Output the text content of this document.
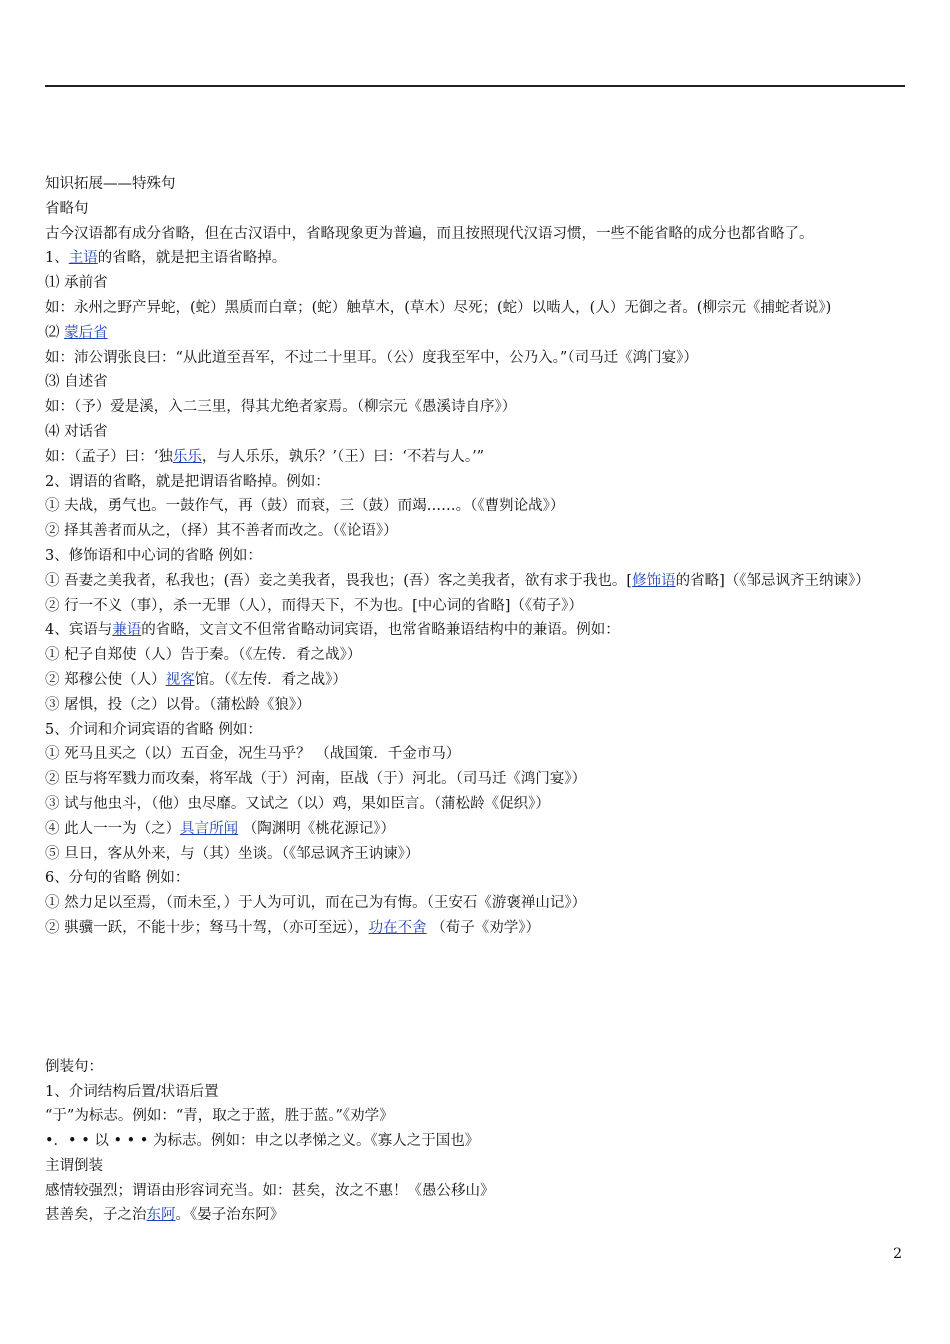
知识拓展——特殊句
省略句
古今汉语都有成分省略，但在古汉语中，省略现象更为普遍，而且按照现代汉语习惯，一些不能省略的成分也都省略了。
1、主语的省略，就是把主语省略掉。
⑴ 承前省
如：永州之野产异蛇，(蛇）黑质而白章；(蛇）触草木，(草木）尽死；(蛇）以啮人，(人）无御之者。(柳宗元《捕蛇者说》)
⑵ 蒙后省
如：沛公谓张良曰：“从此道至吾军，不过二十里耳。（公）度我至军中，公乃入。”（司马迁《鸿门宴》）
⑶ 自述省
如：（予）爱是溪，入二三里，得其尤绝者家焉。（柳宗元《愚溪诗自序》）
⑷ 对话省
如：（孟子）曰：‘独乐乐，与人乐乐，孰乐？’（王）曰：‘不若与人。’”
2、谓语的省略，就是把谓语省略掉。例如：
① 夫战，勇气也。一鼓作气，再（鼓）而衰，三（鼓）而竭……。（《曹刿论战》）
② 择其善者而从之，（择）其不善者而改之。（《论语》）
3、修饰语和中心词的省略 例如：
① 吾妻之美我者，私我也；(吾）妾之美我者，畏我也；(吾）客之美我者，欲有求于我也。[修饰语的省略]（《邹忌讽齐王纳谏》）
② 行一不义（事），杀一无罪（人），而得天下，不为也。[中心词的省略]（《荀子》）
4、宾语与兼语的省略，文言文不但常省略动词宾语，也常省略兼语结构中的兼语。例如：
① 杞子自郑使（人）告于秦。（《左传．肴之战》）
② 郑穆公使（人）视客馆。（《左传．肴之战》）
③ 屠惧，投（之）以骨。（蒲松龄《狼》）
5、介词和介词宾语的省略 例如：
① 死马且买之（以）五百金，况生马乎？ （战国策．千金市马）
② 臣与将军戮力而攻秦，将军战（于）河南，臣战（于）河北。（司马迁《鸿门宴》）
③ 试与他虫斗，（他）虫尽靡。又试之（以）鸡，果如臣言。（蒲松龄《促织》）
④ 此人一一为（之）具言所闻 （陶渊明《桃花源记》）
⑤ 旦日，客从外来，与（其）坐谈。（《邹忌讽齐王讷谏》）
6、分句的省略 例如：
① 然力足以至焉，（而未至，）于人为可讥，而在己为有悔。（王安石《游褒禅山记》）
② 骐骥一跃，不能十步；驽马十驾，（亦可至远），功在不舍 （荀子《劝学》）
倒装句：
1、介词结构后置/状语后置
“于”为标志。例如：“青，取之于蓝，胜于蓝。”《劝学》
•．• • 以 • • • 为标志。例如：申之以孝悌之义。《寡人之于国也》
主谓倒装
感情较强烈；谓语由形容词充当。如：甚矣，汝之不惠！《愚公移山》
甚善矣，子之治东阿。《晏子治东阿》
2
